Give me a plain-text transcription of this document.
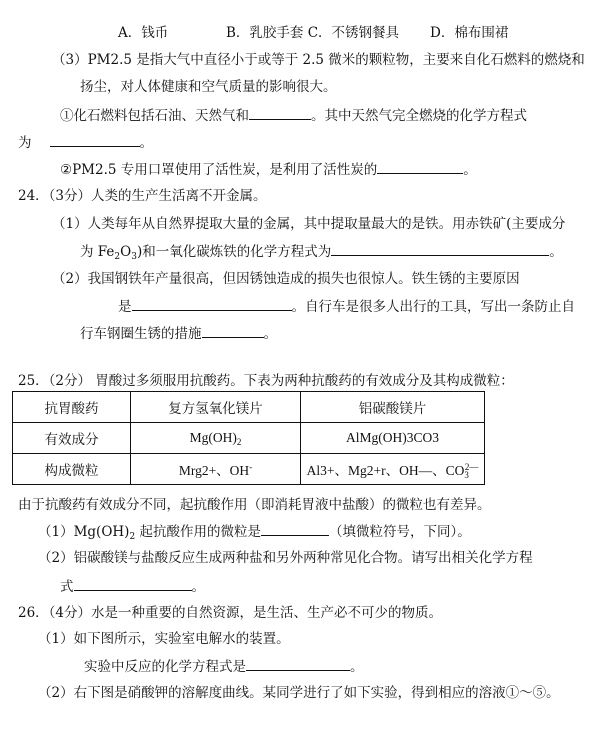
A．钱币	B．乳胶手套 C．不锈钢餐具 D．棉布围裙
（3）PM2.5 是指大气中直径小于或等于 2.5 微米的颗粒物，主要来自化石燃料的燃烧和
扬尘，对人体健康和空气质量的影响很大。
①化石燃料包括石油、天然气和	。其中天然气完全燃烧的化学方程式
为	。
②PM2.5 专用口罩使用了活性炭，是利用了活性炭的	。
24．（3分）人类的生产生活离不开金属。
（1）人类每年从自然界提取大量的金属，其中提取量最大的是铁。用赤铁矿(主要成分
为 $Fe_2O_3$)和一氧化碳炼铁的化学方程式为	。
（2）我国钢铁年产量很高，但因锈蚀造成的损失也很惊人。铁生锈的主要原因
是	。自行车是很多人出行的工具，写出一条防止自
行车钢圈生锈的措施	。
25．（2分） 胃酸过多须服用抗酸药。下表为两种抗酸药的有效成分及其构成微粒：
抗胃酸药	复方氢氧化镁片	铝碳酸镁片
有效成分	$Mg(OH)_2$	AlMg(OH)3CO3
构成微粒	Mrg2+、OH-	Al3+、Mg2+r、OH—、$CO_3^{2—}$
由于抗酸药有效成分不同，起抗酸作用（即消耗胃液中盐酸）的微粒也有差异。
$(1)Mg(OH)_2$ 起抗酸作用的微粒是	（填微粒符号，下同）。
（2）铝碳酸镁与盐酸反应生成两种盐和另外两种常见化合物。请写出相关化学方程
式	。
26．（4分）水是一种重要的自然资源，是生活、生产必不可少的物质。
（1）如下图所示，实验室电解水的装置。
实验中反应的化学方程式是	。
（2）右下图是硝酸钾的溶解度曲线。某同学进行了如下实验，得到相应的溶液①～⑤。
